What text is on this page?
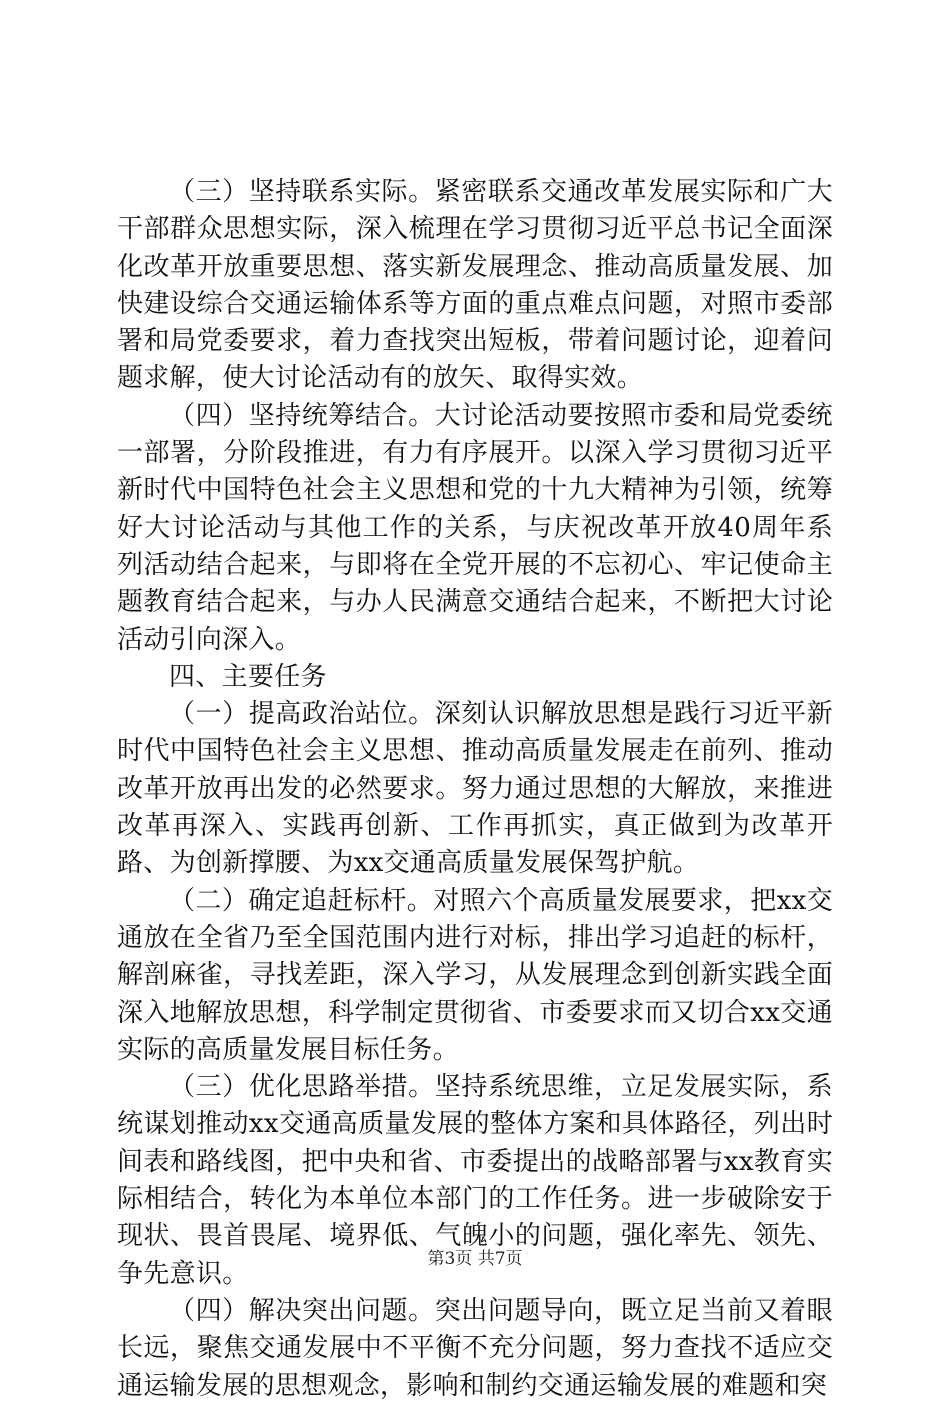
（三）坚持联系实际。紧密联系交通改革发展实际和广大干部群众思想实际，深入梳理在学习贯彻习近平总书记全面深化改革开放重要思想、落实新发展理念、推动高质量发展、加快建设综合交通运输体系等方面的重点难点问题，对照市委部署和局党委要求，着力查找突出短板，带着问题讨论，迎着问题求解，使大讨论活动有的放矢、取得实效。

（四）坚持统筹结合。大讨论活动要按照市委和局党委统一部署，分阶段推进，有力有序展开。以深入学习贯彻习近平新时代中国特色社会主义思想和党的十九大精神为引领，统筹好大讨论活动与其他工作的关系，与庆祝改革开放40周年系列活动结合起来，与即将在全党开展的不忘初心、牢记使命主题教育结合起来，与办人民满意交通结合起来，不断把大讨论活动引向深入。

四、主要任务

（一）提高政治站位。深刻认识解放思想是践行习近平新时代中国特色社会主义思想、推动高质量发展走在前列、推动改革开放再出发的必然要求。努力通过思想的大解放，来推进改革再深入、实践再创新、工作再抓实，真正做到为改革开路、为创新撑腰、为xx交通高质量发展保驾护航。

（二）确定追赶标杆。对照六个高质量发展要求，把xx交通放在全省乃至全国范围内进行对标，排出学习追赶的标杆，解剖麻雀，寻找差距，深入学习，从发展理念到创新实践全面深入地解放思想，科学制定贯彻省、市委要求而又切合xx交通实际的高质量发展目标任务。

（三）优化思路举措。坚持系统思维，立足发展实际，系统谋划推动xx交通高质量发展的整体方案和具体路径，列出时间表和路线图，把中央和省、市委提出的战略部署与xx教育实际相结合，转化为本单位本部门的工作任务。进一步破除安于现状、畏首畏尾、境界低、气魄小的问题，强化率先、领先、争先意识。

（四）解决突出问题。突出问题导向，既立足当前又着眼长远，聚焦交通发展中不平衡不充分问题，努力查找不适应交通运输发展的思想观念，影响和制约交通运输发展的难题和突

第3页 共7页
